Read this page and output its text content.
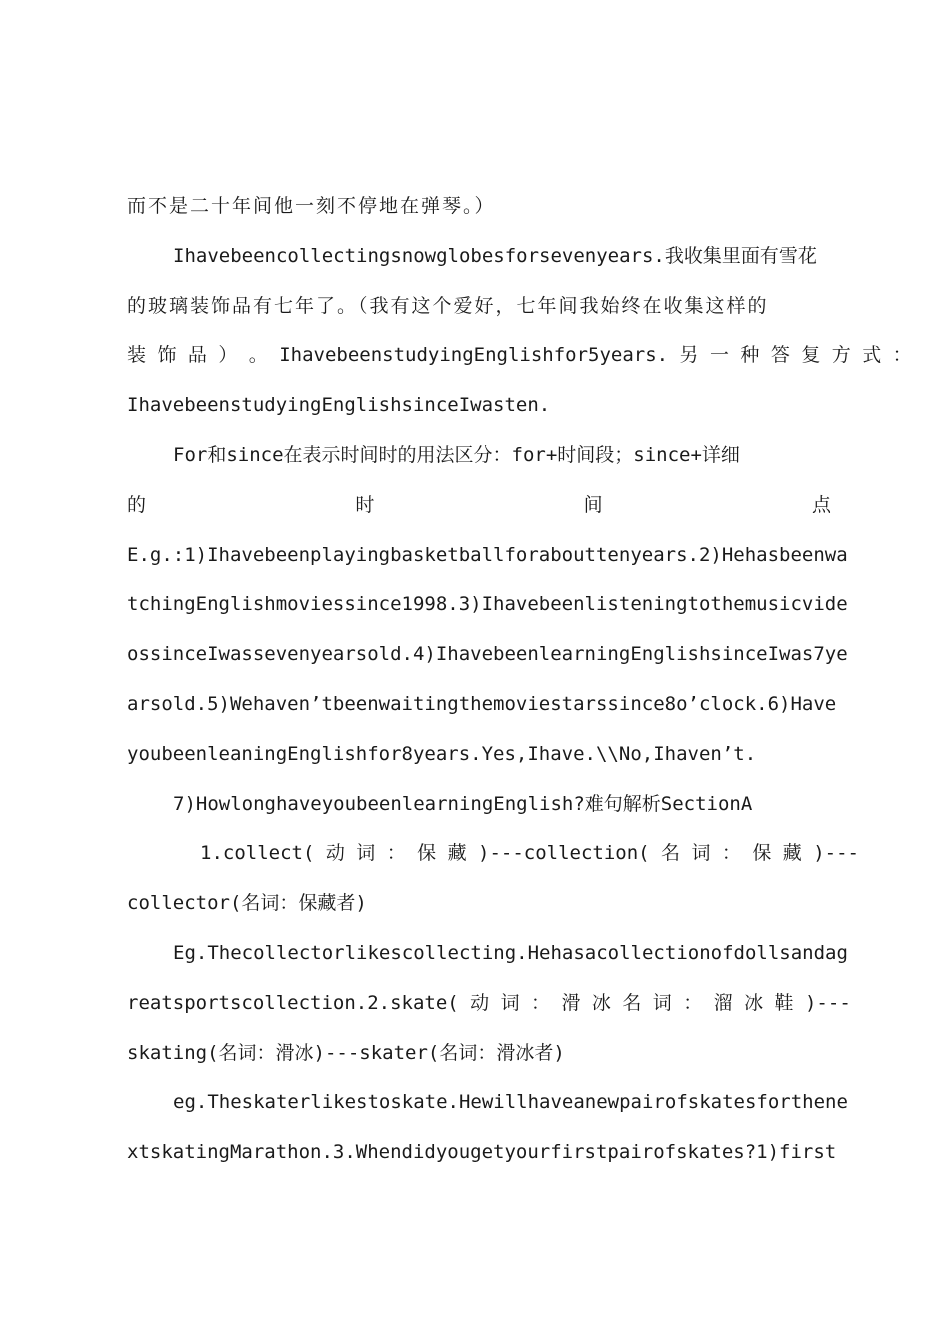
而不是二十年间他一刻不停地在弹琴。）
Ihavebeencollectingsnowglobesforsevenyears.我收集里面有雪花
的玻璃装饰品有七年了。（我有这个爱好，七年间我始终在收集这样的
装 饰 品 ） 。 IhavebeenstudyingEnglishfor5years. 另 一 种 答 复 方 式 ：
IhavebeenstudyingEnglishsinceIwasten.
For和since在表示时间时的用法区分：for+时间段；since+详细
的	时	间	点
E.g.:1)Ihavebeenplayingbasketballforabouttenyears.2)Hehasbeenwa
tchingEnglishmoviessince1998.3)Ihavebeenlisteningtothemusicvide
ossinceIwassevenyearsold.4)IhavebeenlearningEnglishsinceIwas7ye
arsold.5)Wehaven’tbeenwaitingthemoviestarssince8o’clock.6)Have
youbeenleaningEnglishfor8years.Yes,Ihave.\\No,Ihaven’t.
7)HowlonghaveyoubeenlearningEnglish?难句解析SectionA
1.collect( 动 词 ： 保 藏 )---collection( 名 词 ： 保 藏 )---
collector(名词：保藏者)
Eg.Thecollectorlikescollecting.Hehasacollectionofdollsandag
reatsportscollection.2.skate( 动 词 ： 滑 冰 名 词 ： 溜 冰 鞋 )---
skating(名词：滑冰)---skater(名词：滑冰者)
eg.Theskaterlikestoskate.Hewillhaveanewpairofskatesforthene
xtskatingMarathon.3.Whendidyougetyourfirstpairofskates?1)first
